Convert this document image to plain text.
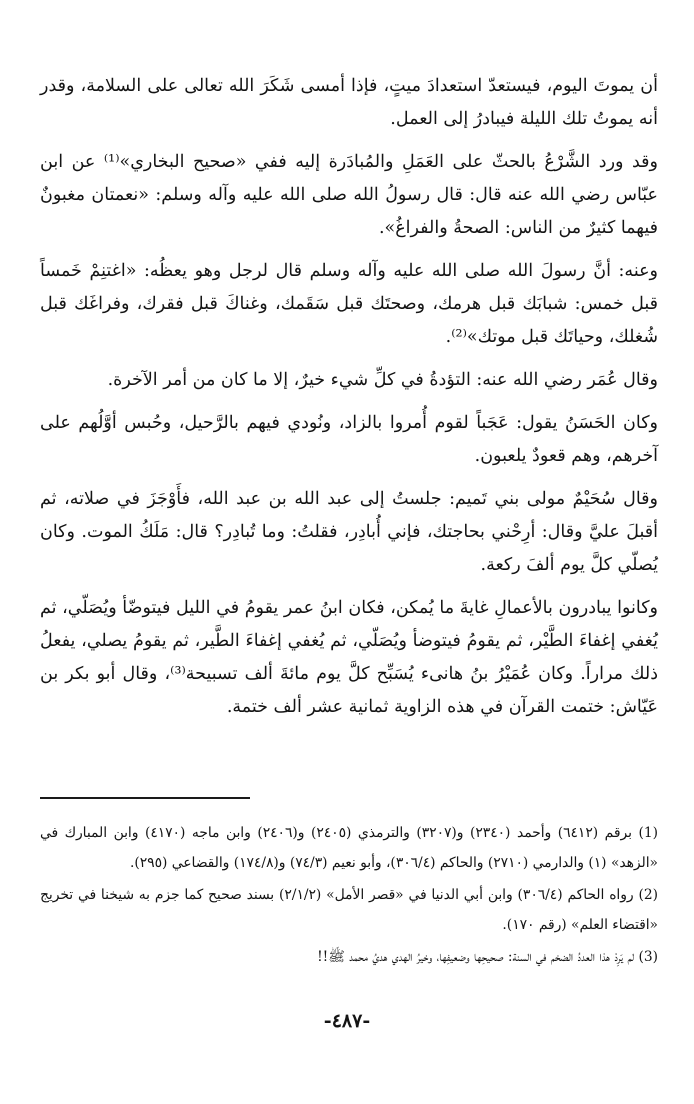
أن يموتَ اليوم، فيستعدّ استعدادَ ميتٍ، فإذا أمسى شَكَرَ الله تعالى على السلامة، وقدر أنه يموتُ تلك الليلة فيبادرُ إلى العمل.

وقد ورد الشَّرْعُ بالحثّ على العَمَلِ والمُبادَرة إليه ففي «صحيح البخاري»⁽¹⁾ عن ابن عبّاس رضي الله عنه قال: قال رسولُ الله صلى الله عليه وآله وسلم: «نعمتان مغبونٌ فيهما كثيرٌ من الناس: الصحةُ والفراغُ».

وعنه: أنَّ رسولَ الله صلى الله عليه وآله وسلم قال لرجل وهو يعظُه: «اغتنِمْ خَمساً قبل خمس: شبابَك قبل هرمك، وصحتَك قبل سَقَمك، وغناكَ قبل فقرك، وفراغَك قبل شُغلك، وحياتَك قبل موتك»⁽²⁾.

وقال عُمَر رضي الله عنه: التؤدةُ في كلِّ شيء خيرٌ، إلا ما كان من أمر الآخرة.

وكان الحَسَنُ يقول: عَجَباً لقوم أُمروا بالزاد، ونُودي فيهم بالرَّحيل، وحُبس أوَّلُهم على آخرهم، وهم قعودٌ يلعبون.

وقال سُحَيْمٌ مولى بني تَميم: جلستُ إلى عبد الله بن عبد الله، فأَوْجَزَ في صلاته، ثم أقبلَ عليَّ وقال: أرِحْني بحاجتك، فإني أُبادِر، فقلتُ: وما تُبادِر؟ قال: مَلَكُ الموت. وكان يُصلّي كلَّ يوم ألفَ ركعة.

وكانوا يبادرون بالأعمالِ غايةَ ما يُمكن، فكان ابنُ عمر يقومُ في الليل فيتوضّأ ويُصَلّي، ثم يُغفي إغفاءَ الطَّيْر، ثم يقومُ فيتوضأ ويُصَلّي، ثم يُغفي إغفاءَ الطَّير، ثم يقومُ يصلي، يفعلُ ذلك مراراً. وكان عُمَيْرُ بنُ هانىء يُسَبِّح كلَّ يوم مائةَ ألف تسبيحة⁽³⁾، وقال أبو بكر بن عَيّاش: ختمت القرآن في هذه الزاوية ثمانية عشر ألف ختمة.

(1) برقم (٦٤١٢) وأحمد (٢٣٤٠) و(٣٢٠٧) والترمذي (٢٤٠٥) و(٢٤٠٦) وابن ماجه (٤١٧٠) وابن المبارك في «الزهد» (١) والدارمي (٢٧١٠) والحاكم (٣٠٦/٤)، وأبو نعيم (٧٤/٣) و(١٧٤/٨) والقضاعي (٢٩٥).

(2) رواه الحاكم (٣٠٦/٤) وابن أبي الدنيا في «قصر الأمل» (٢/١/٢) بسند صحيح كما جزم به شيخنا في تخريج «اقتضاء العلم» (رقم ١٧٠).

(3) لم يَرِدْ هذا العددُ الضخم في السنة: صحيحِها وضعيفِها، وخيرُ الهدي هديُ محمد ﷺ!!

-٤٨٧-
